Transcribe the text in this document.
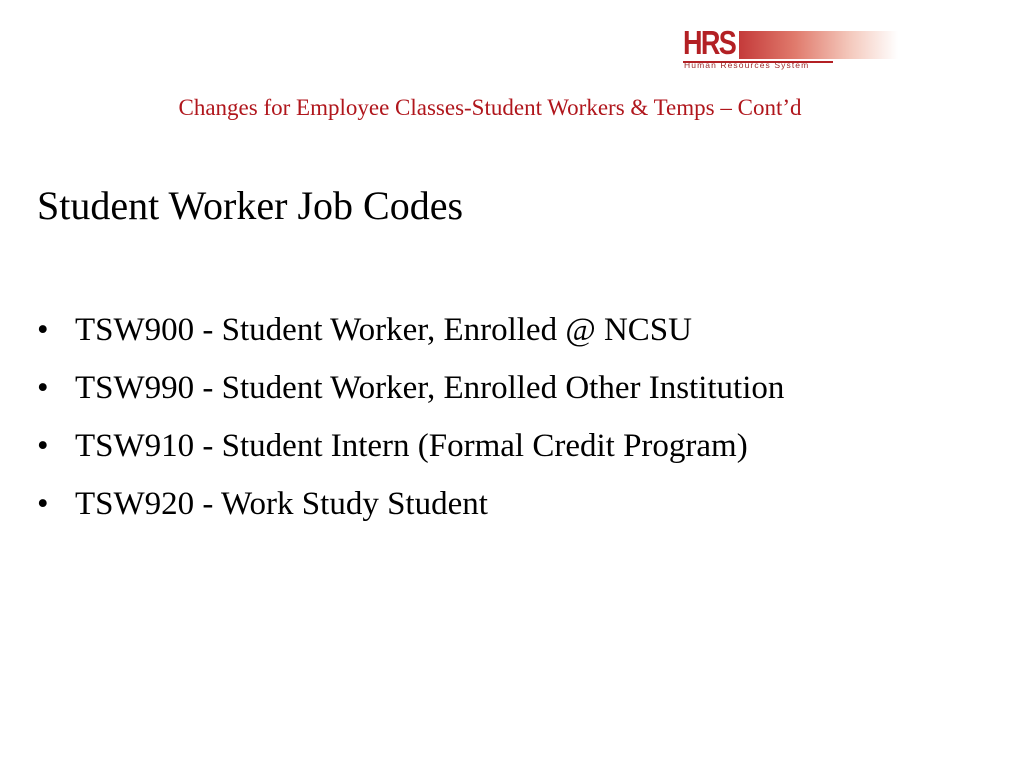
HRS
Human Resources System
Changes for Employee Classes-Student Workers & Temps – Cont’d
Student Worker Job Codes
• TSW900 - Student Worker, Enrolled @ NCSU
• TSW990 - Student Worker, Enrolled Other Institution
• TSW910 - Student Intern (Formal Credit Program)
• TSW920 - Work Study Student
